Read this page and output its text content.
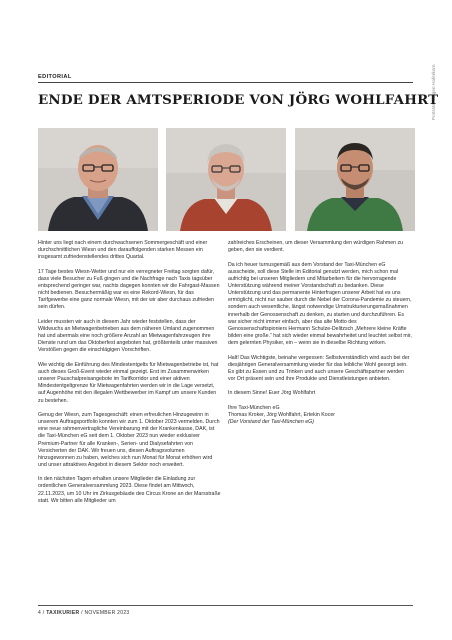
Porträts: Jürgen Haferkorn
EDITORIAL
ENDE DER AMTSPERIODE VON JÖRG WOHLFAHRT

Hinter uns liegt nach einem durchwachsenen Sommergeschäft und einer durchschnittlichen Wiesn und den darauffolgenden starken Messen ein insgesamt zufriedenstellendes drittes Quartal.

17 Tage bestes Wiesn-Wetter und nur ein verregneter Freitag sorgten dafür, dass viele Besucher zu Fuß gingen und die Nachfrage nach Taxis tagsüber entsprechend geringer war, nachts dagegen konnten wir die Fahrgast-Massen nicht bedienen. Besuchermäßig war es eine Rekord-Wiesn, für das Tarifgewerbe eine ganz normale Wiesn, mit der wir aber durchaus zufrieden sein dürfen.

Leider mussten wir auch in diesem Jahr wieder feststellen, dass der Wildwuchs an Mietwagenbetrieben aus dem näheren Umland zugenommen hat und abermals eine noch größere Anzahl an Mietwagenfahrzeugen ihre Dienste rund um das Oktoberfest angeboten hat, größtenteils unter massiven Verstößen gegen die einschlägigen Vorschriften.

Wie wichtig die Einführung des Mindestentgelts für Mietwagenbetriebe ist, hat auch dieses Groß-Event wieder einmal gezeigt. Erst im Zusammenwirken unserer Pauschalpreisangebote im Tarifkorridor und einer aktiven Mindestentgeltgrenze für Mietwagenfahrten werden wir in die Lage versetzt, auf Augenhöhe mit den illegalen Wettbewerber im Kampf um unsere Kunden zu bestehen.

Genug der Wiesn, zum Tagesgeschäft: einen erfreulichen Hinzugewinn in unserem Auftragsportfolio konnten wir zum 1. Oktober 2023 vermelden. Durch eine neue rahmenvertragliche Vereinbarung mit der Krankenkasse, DAK, ist die Taxi-München eG seit dem 1. Oktober 2023 nun wieder exklusiver Premium-Partner für alle Kranken-, Serien- und Dialysefahrten von Versicherten der DAK. Wir freuen uns, diesen Auftragsvolumen hinzugewonnen zu haben, welches sich nun Monat für Monat erhöhen wird und unser attraktives Angebot in diesem Sektor noch erweitert.

In den nächsten Tagen erhalten unsere Mitglieder die Einladung zur ordentlichen Generalversammlung 2023. Diese findet am Mittwoch, 22.11.2023, um 10 Uhr im Zirkusgebäude des Circus Krone an der Marsstraße statt. Wir bitten alle Mitglieder um

zahlreiches Erscheinen, um dieser Versammlung den würdigen Rahmen zu geben, den sie verdient.

Da ich heuer turnusgemäß aus dem Vorstand der Taxi-München eG ausscheide, soll diese Stelle im Editorial genutzt werden, mich schon mal aufrichtig bei unseren Mitgliedern und Mitarbeitern für die hervorragende Unterstützung während meiner Vorstandschaft zu bedanken. Diese Unterstützung und das permanente Hinterfragen unserer Arbeit hat es uns ermöglicht, nicht nur sauber durch die Nebel der Corona-Pandemie zu steuern, sondern auch wesentliche, längst notwendige Umstrukturierungsmaßnahmen innerhalb der Genossenschaft zu denken, zu starten und durchzuführen. Es war sicher nicht immer einfach, aber das alte Motto des Genossenschaftspioniers Hermann Schulze-Delitzsch „Mehrere kleine Kräfte bilden eine große.“ hat sich wieder einmal bewahrheitet und leuchtet selbst mir, dem gelernten Physiker, ein – wenn sie in dieselbe Richtung wirken.

Halt! Das Wichtigste, beinahe vergessen: Selbstverständlich wird auch bei der diesjährigen Generalversammlung wieder für das leibliche Wohl gesorgt sein. Es gibt zu Essen und zu Trinken und auch unsere Geschäftspartner werden vor Ort präsent sein und ihre Produkte und Dienstleistungen anbieten.

In diesem Sinne! Euer Jörg Wohlfahrt

Ihre Taxi-München eG
Thomas Kroker, Jörg Wohlfahrt, Ertekin Kocer
(Der Vorstand der Taxi-München eG)
4 / TAXIKURIER / NOVEMBER 2023
